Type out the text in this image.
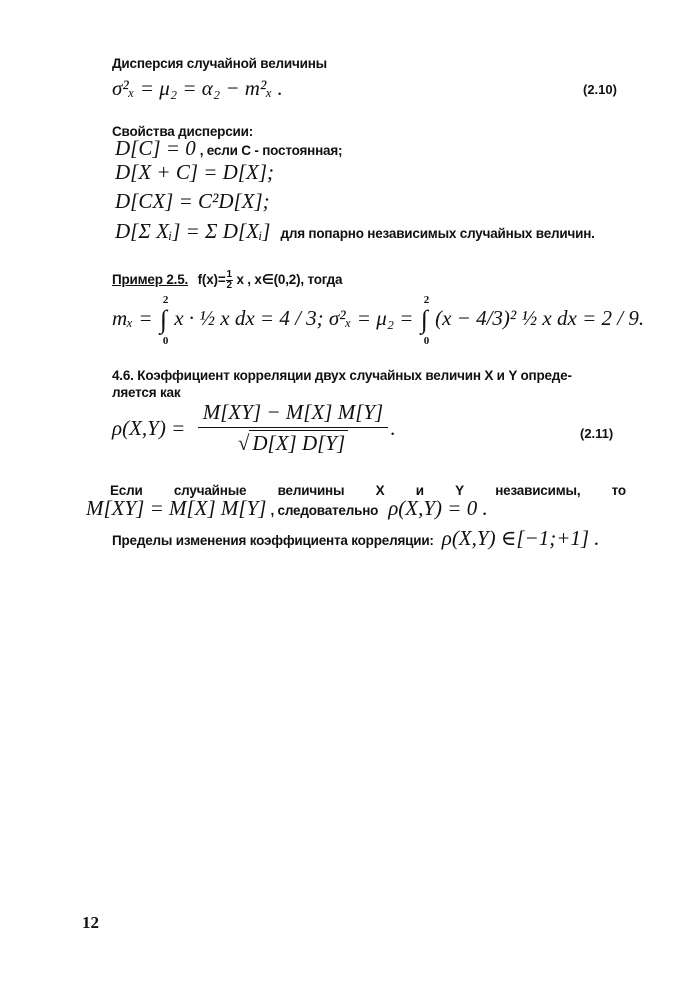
Дисперсия случайной величины
σ²ₓ = μ₂ = α₂ − m²ₓ .	(2.10)
Свойства дисперсии:
D[C] = 0 , если С - постоянная;
D[X + C] = D[X];
D[CX] = C²D[X];
D[Σ Xᵢ] = Σ D[Xᵢ] для попарно независимых случайных величин.
Пример 2.5. $f(x)= \frac{1}{2}$ x , x∈(0,2), тогда
mₓ = ∫
2
0
x · ½ x dx = 4 / 3; σ²ₓ = μ₂ = ∫
2
0
(x − 4/3)² ½ x dx = 2 / 9.
4.6. Коэффициент корреляции двух случайных величин X и Y опреде-
ляется как
$\rho(X,Y) = \frac{M[XY] - M[X] M[Y]}{√ D[X] D[Y]}$ .	(2.11)
Если случайные величины X и Y независимы, то
M[XY] = M[X] M[Y] , следовательно ρ(X,Y) = 0 .
Пределы изменения коэффициента корреляции: ρ(X,Y) ∈[−1;+1] .
12
